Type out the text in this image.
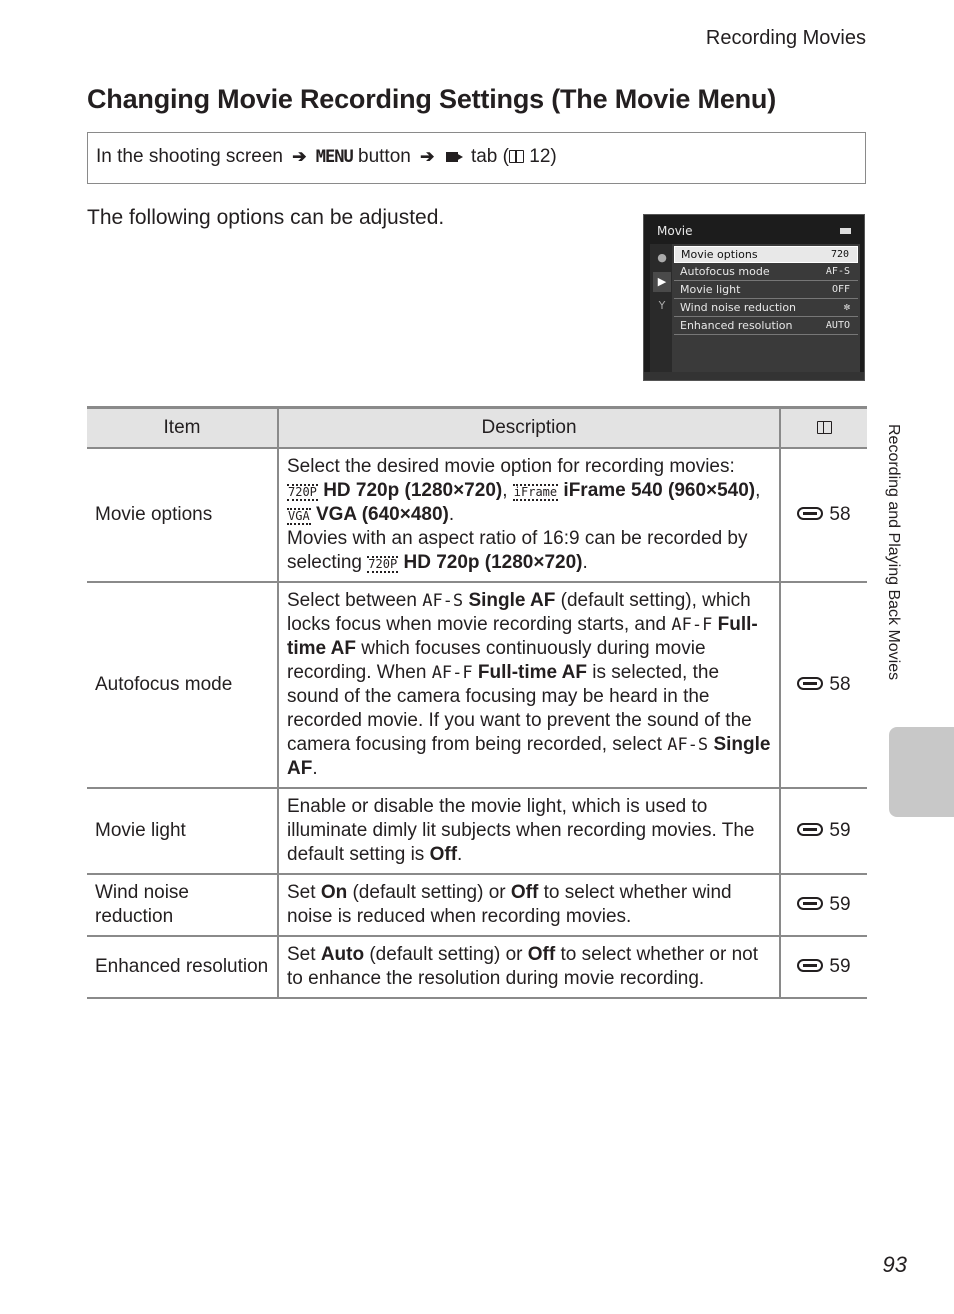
Recording Movies
Changing Movie Recording Settings (The Movie Menu)
In the shooting screen ➔ MENU button ➔ tab ( 12)
The following options can be adjusted.
Movie
●
▶
Y
Movie options	720
Autofocus mode	AF-S
Movie light	OFF
Wind noise reduction	✼
Enhanced resolution	AUTO
Item	Description	
Movie options	Select the desired movie option for recording movies:
720P HD 720p (1280×720), iFrame iFrame 540 (960×540), VGA VGA (640×480).
Movies with an aspect ratio of 16:9 can be recorded by selecting 720P HD 720p (1280×720).	58
Autofocus mode	Select between AF-S Single AF (default setting), which locks focus when movie recording starts, and AF-F Full-time AF which focuses continuously during movie recording. When AF-F Full-time AF is selected, the sound of the camera focusing may be heard in the recorded movie. If you want to prevent the sound of the camera focusing from being recorded, select AF-S Single AF.	58
Movie light	Enable or disable the movie light, which is used to illuminate dimly lit subjects when recording movies. The default setting is Off.	59
Wind noise reduction	Set On (default setting) or Off to select whether wind noise is reduced when recording movies.	59
Enhanced resolution	Set Auto (default setting) or Off to select whether or not to enhance the resolution during movie recording.	59
Recording and Playing Back Movies
93
